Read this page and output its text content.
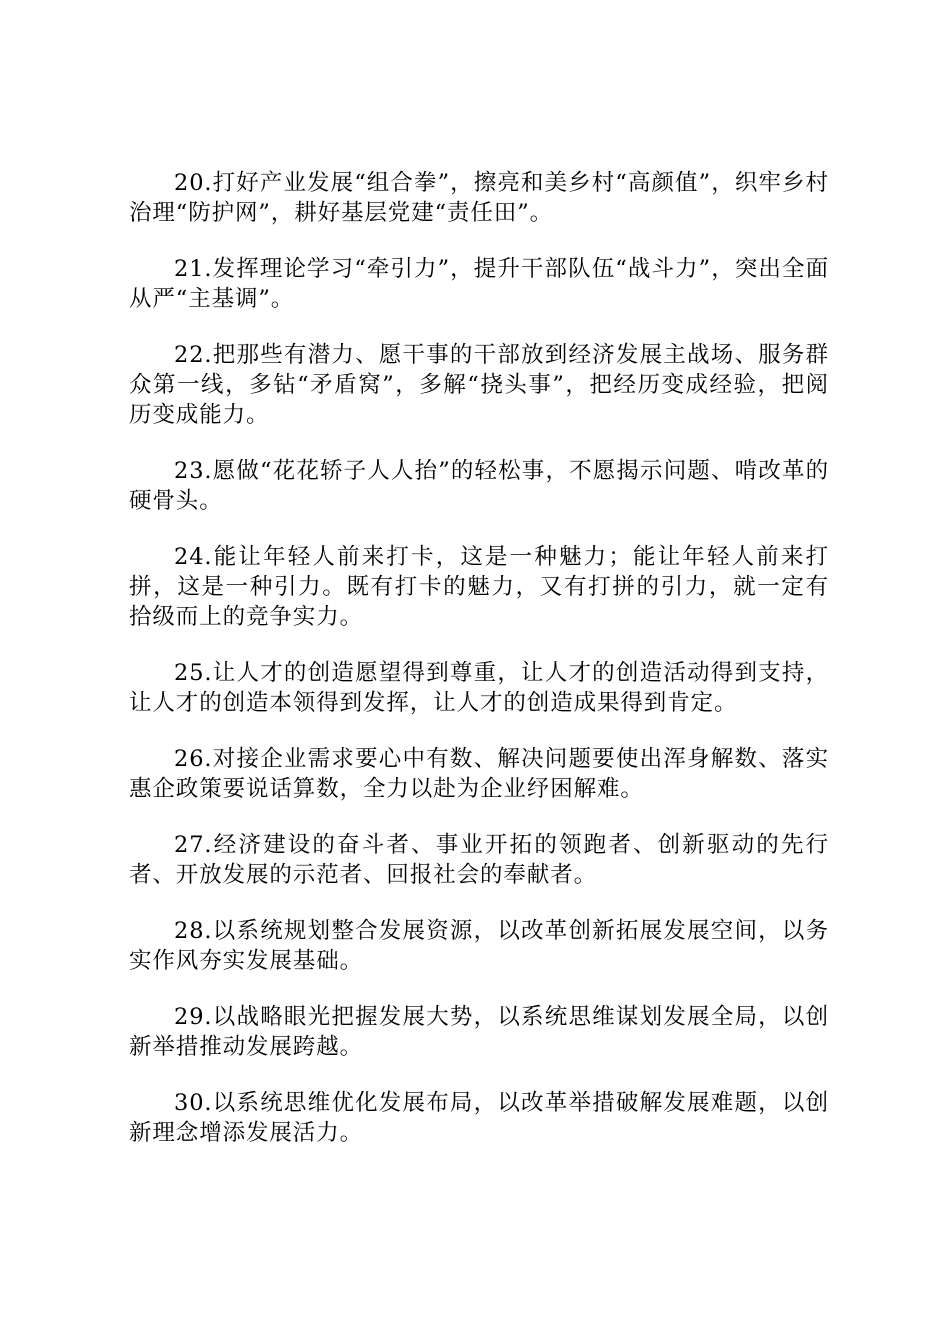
20.打好产业发展“组合拳”，擦亮和美乡村“高颜值”，织牢乡村治理“防护网”，耕好基层党建“责任田”。

21.发挥理论学习“牵引力”，提升干部队伍“战斗力”，突出全面从严“主基调”。

22.把那些有潜力、愿干事的干部放到经济发展主战场、服务群众第一线，多钻“矛盾窝”，多解“挠头事”，把经历变成经验，把阅历变成能力。

23.愿做“花花轿子人人抬”的轻松事，不愿揭示问题、啃改革的硬骨头。

24.能让年轻人前来打卡，这是一种魅力；能让年轻人前来打拼，这是一种引力。既有打卡的魅力，又有打拼的引力，就一定有拾级而上的竞争实力。

25.让人才的创造愿望得到尊重，让人才的创造活动得到支持，让人才的创造本领得到发挥，让人才的创造成果得到肯定。

26.对接企业需求要心中有数、解决问题要使出浑身解数、落实惠企政策要说话算数，全力以赴为企业纾困解难。

27.经济建设的奋斗者、事业开拓的领跑者、创新驱动的先行者、开放发展的示范者、回报社会的奉献者。

28.以系统规划整合发展资源，以改革创新拓展发展空间，以务实作风夯实发展基础。

29.以战略眼光把握发展大势，以系统思维谋划发展全局，以创新举措推动发展跨越。

30.以系统思维优化发展布局，以改革举措破解发展难题，以创新理念增添发展活力。
